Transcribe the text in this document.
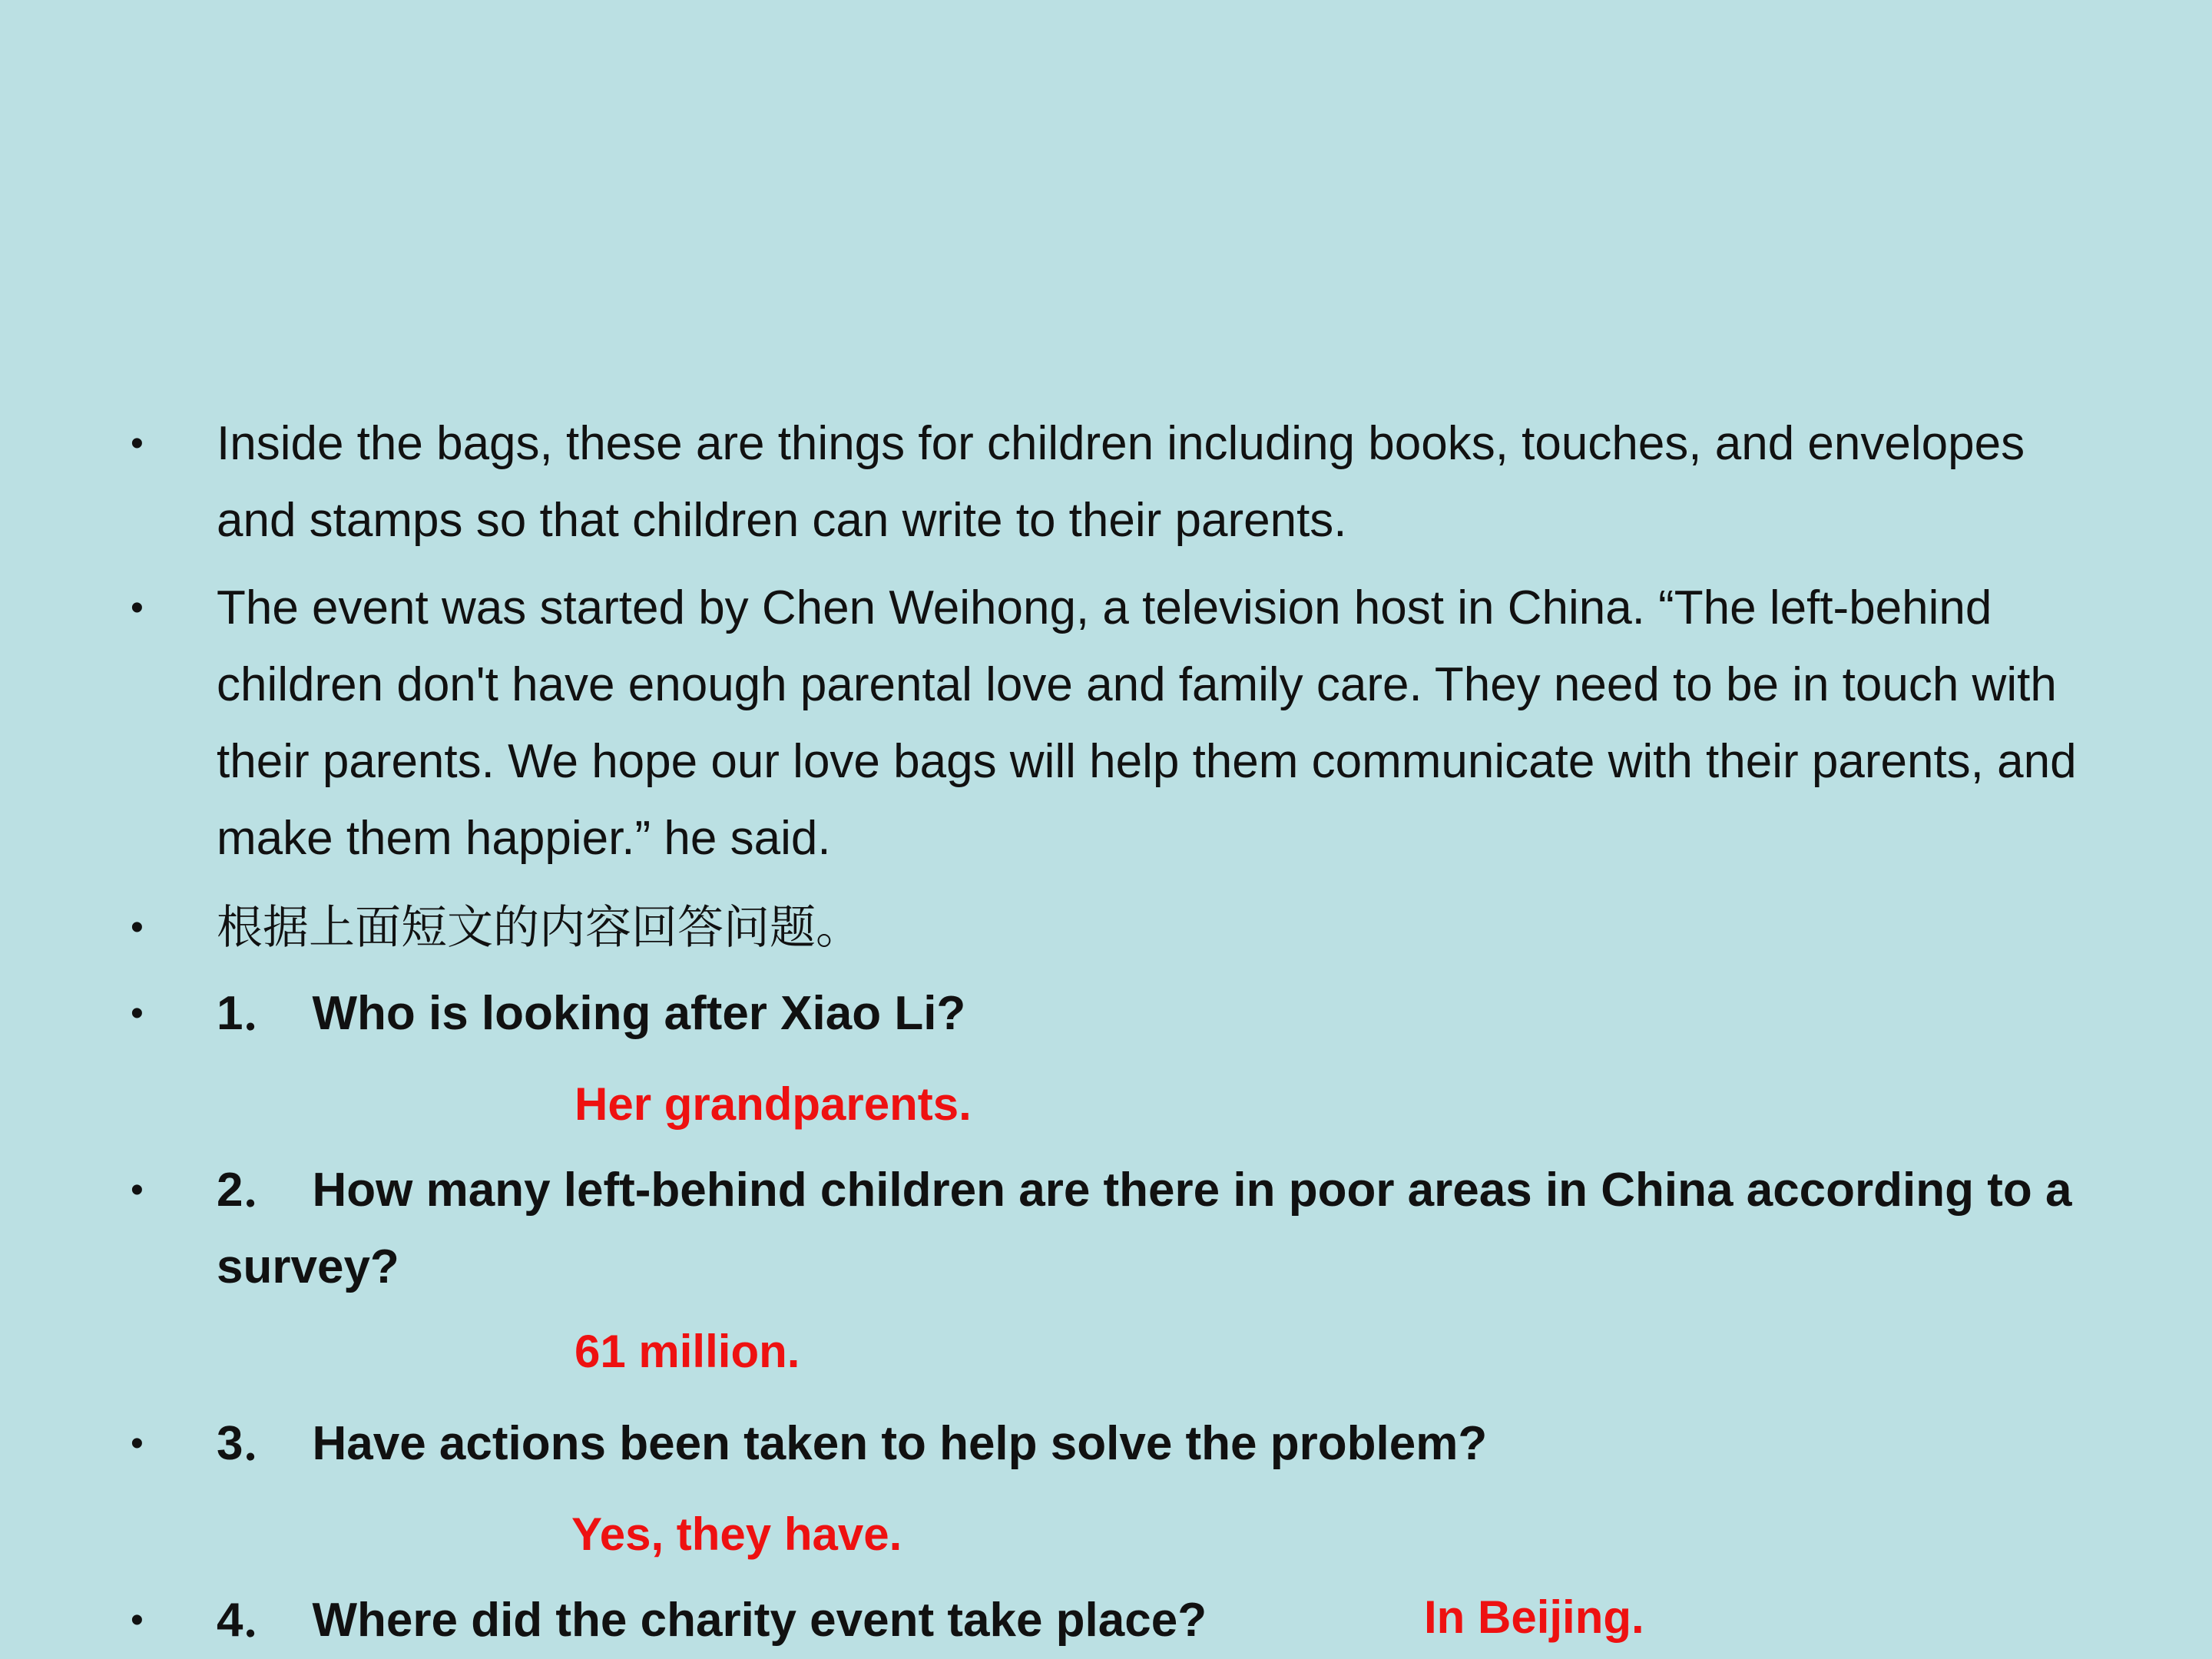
• Inside the bags, these are things for children including books, touches, and envelopes and stamps so that children can write to their parents.
• The event was started by Chen Weihong, a television host in China. “The left-behind children don't have enough parental love and family care. They need to be in touch with their parents. We hope our love bags will help them communicate with their parents, and make them happier.” he said.
• 根据上面短文的内容回答问题。
• 1． Who is looking after Xiao Li?
Her grandparents.
• 2． How many left-behind children are there in poor areas in China according to a survey?
61 million.
• 3． Have actions been taken to help solve the problem?
Yes, they have.
• 4． Where did the charity event take place?	In Beijing.
